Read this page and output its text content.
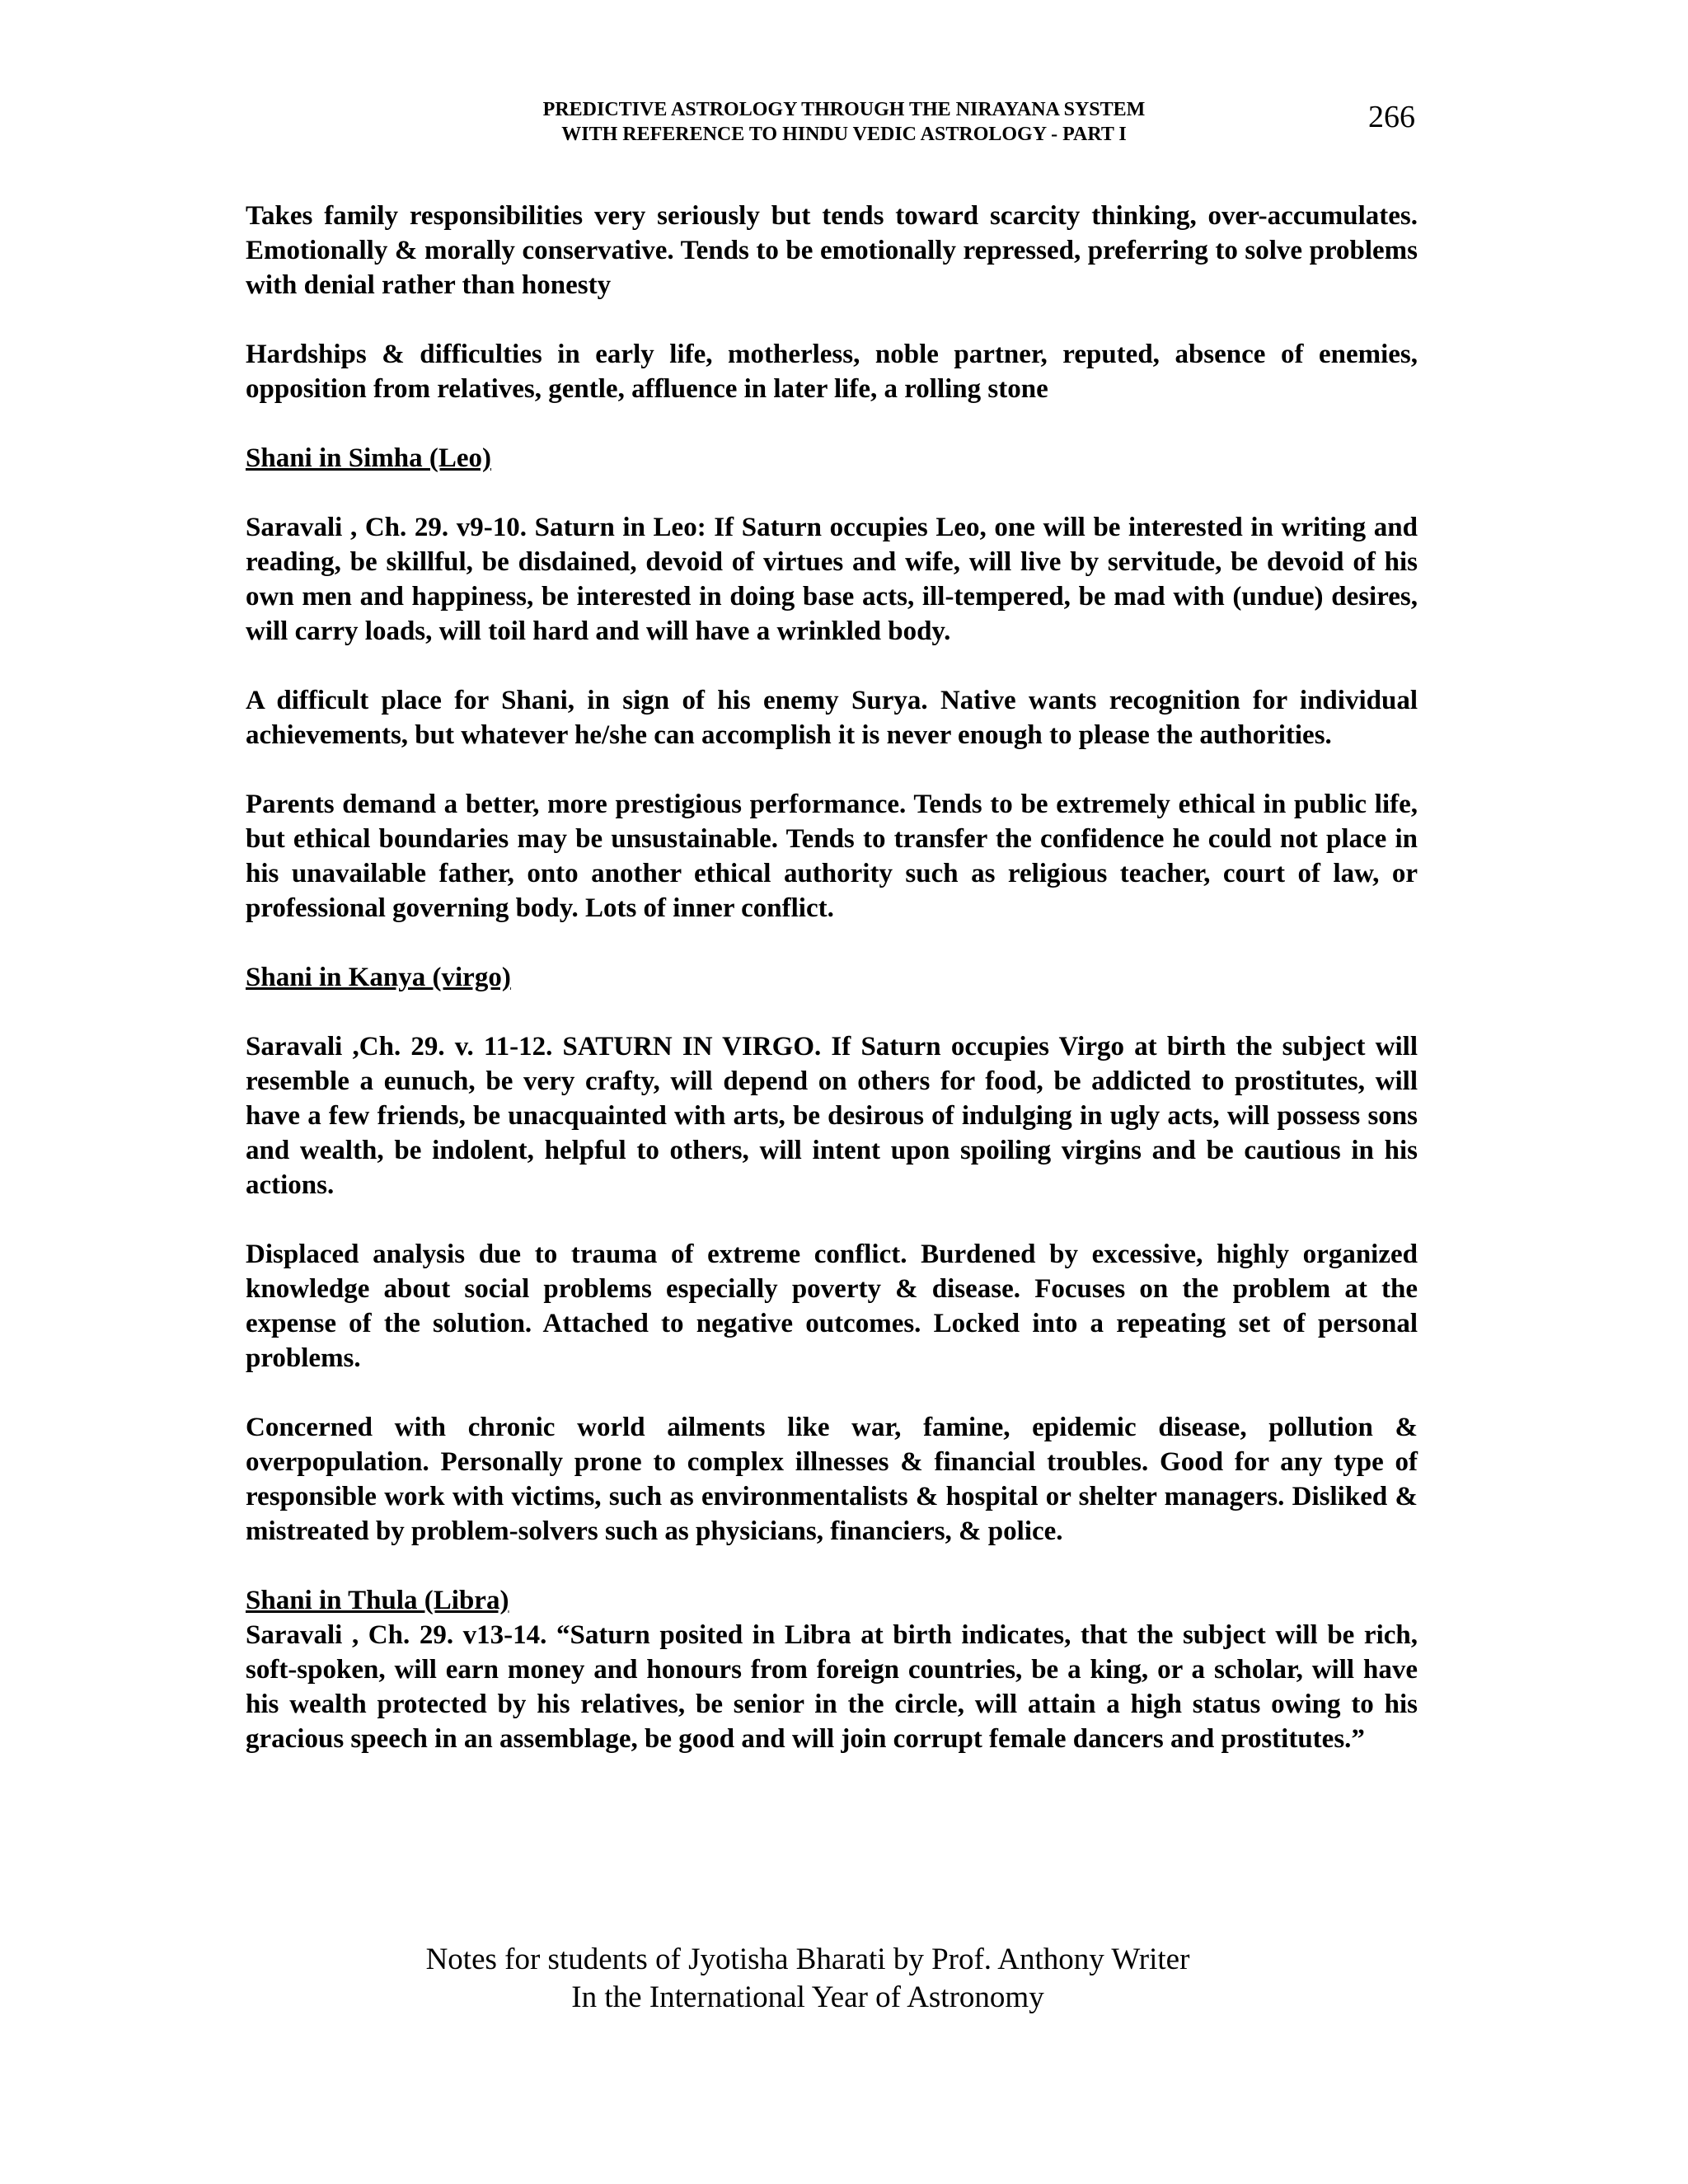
PREDICTIVE ASTROLOGY THROUGH THE NIRAYANA SYSTEM
WITH REFERENCE TO HINDU VEDIC ASTROLOGY - PART I	266

Takes family responsibilities very seriously but tends toward scarcity thinking, over-accumulates. Emotionally & morally conservative. Tends to be emotionally repressed, preferring to solve problems with denial rather than honesty

Hardships & difficulties in early life, motherless, noble partner, reputed, absence of enemies, opposition from relatives, gentle, affluence in later life, a rolling stone

Shani in Simha (Leo)

Saravali , Ch. 29. v9-10. Saturn in Leo: If Saturn occupies Leo, one will be interested in writing and reading, be skillful, be disdained, devoid of virtues and wife, will live by servitude, be devoid of his own men and happiness, be interested in doing base acts, ill-tempered, be mad with (undue) desires, will carry loads, will toil hard and will have a wrinkled body.

A difficult place for Shani, in sign of his enemy Surya. Native wants recognition for individual achievements, but whatever he/she can accomplish it is never enough to please the authorities.

Parents demand a better, more prestigious performance. Tends to be extremely ethical in public life, but ethical boundaries may be unsustainable. Tends to transfer the confidence he could not place in his unavailable father, onto another ethical authority such as religious teacher, court of law, or professional governing body. Lots of inner conflict.

Shani in Kanya (virgo)

Saravali ,Ch. 29. v. 11-12. SATURN IN VIRGO. If Saturn occupies Virgo at birth the subject will resemble a eunuch, be very crafty, will depend on others for food, be addicted to prostitutes, will have a few friends, be unacquainted with arts, be desirous of indulging in ugly acts, will possess sons and wealth, be indolent, helpful to others, will intent upon spoiling virgins and be cautious in his actions.

Displaced analysis due to trauma of extreme conflict. Burdened by excessive, highly organized knowledge about social problems especially poverty & disease. Focuses on the problem at the expense of the solution. Attached to negative outcomes. Locked into a repeating set of personal problems.

Concerned with chronic world ailments like war, famine, epidemic disease, pollution & overpopulation. Personally prone to complex illnesses & financial troubles. Good for any type of responsible work with victims, such as environmentalists & hospital or shelter managers. Disliked & mistreated by problem-solvers such as physicians, financiers, & police.

Shani in Thula (Libra)

Saravali , Ch. 29. v13-14. “Saturn posited in Libra at birth indicates, that the subject will be rich, soft-spoken, will earn money and honours from foreign countries, be a king, or a scholar, will have his wealth protected by his relatives, be senior in the circle, will attain a high status owing to his gracious speech in an assemblage, be good and will join corrupt female dancers and prostitutes.”

Notes for students of Jyotisha Bharati by Prof. Anthony Writer
In the International Year of Astronomy
